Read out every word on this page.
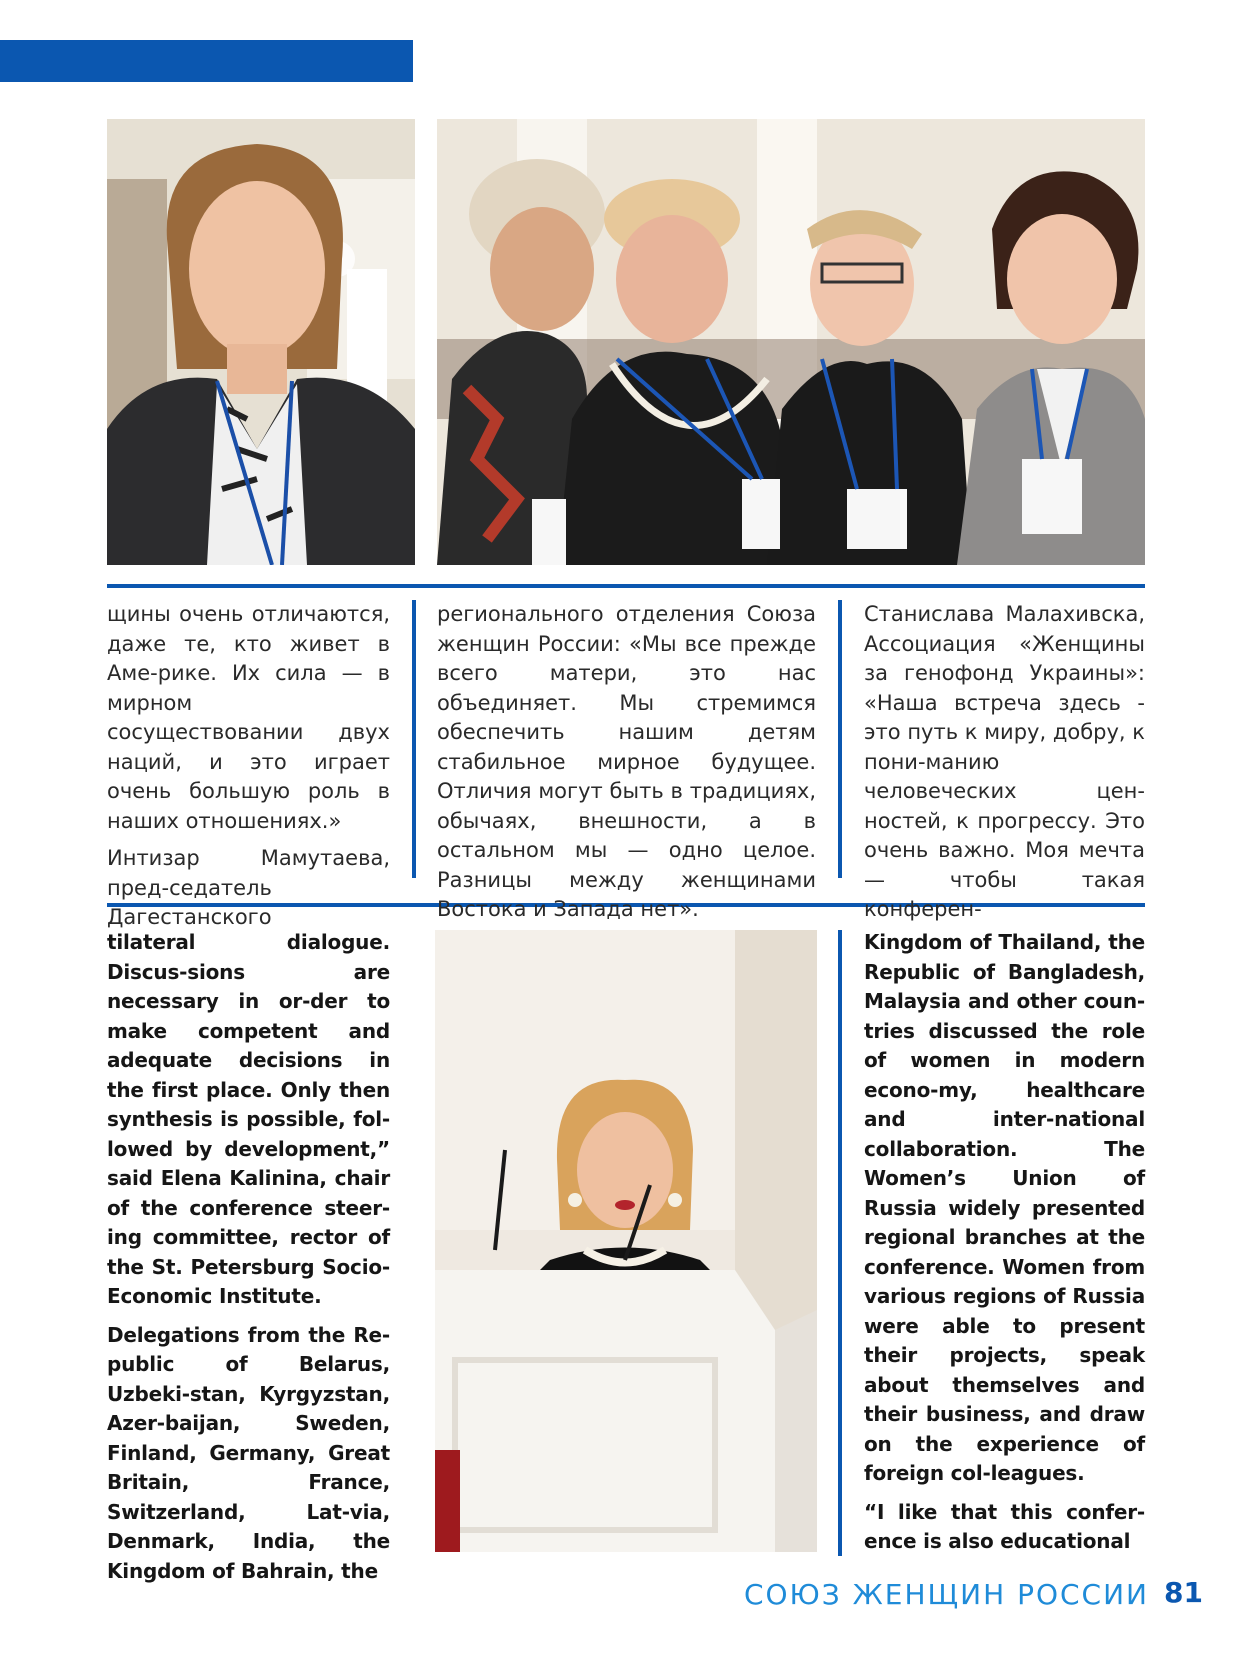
щины очень отличаются, даже те, кто живет в Аме-рике. Их сила — в мирном сосуществовании двух наций, и это играет очень большую роль в наших отношениях.»

Интизар Мамутаева, пред-седатель Дагестанского

регионального отделения Союза женщин России: «Мы все прежде всего матери, это нас объединяет. Мы стремимся обеспечить нашим детям стабильное мирное будущее. Отличия могут быть в традициях, обычаях, внешности, а в остальном мы — одно целое. Разницы между женщинами Востока и Запада нет».

Станислава Малахивска, Ассоциация «Женщины за генофонд Украины»: «Наша встреча здесь - это путь к миру, добру, к пони-манию человеческих цен-ностей, к прогрессу. Это очень важно. Моя мечта — чтобы такая конферен-

tilateral dialogue. Discus-sions are necessary in or-der to make competent and adequate decisions in the first place. Only then synthesis is possible, fol-lowed by development,” said Elena Kalinina, chair of the conference steer-ing committee, rector of the St. Petersburg Socio-Economic Institute.

Delegations from the Re-public of Belarus, Uzbeki-stan, Kyrgyzstan, Azer-baijan, Sweden, Finland, Germany, Great Britain, France, Switzerland, Lat-via, Denmark, India, the Kingdom of Bahrain, the

Kingdom of Thailand, the Republic of Bangladesh, Malaysia and other coun-tries discussed the role of women in modern econo-my, healthcare and inter-national collaboration. The Women’s Union of Russia widely presented regional branches at the conference. Women from various regions of Russia were able to present their projects, speak about themselves and their business, and draw on the experience of foreign col-leagues.

“I like that this confer-ence is also educational

СОЮЗ ЖЕНЩИН РОССИИ 81
